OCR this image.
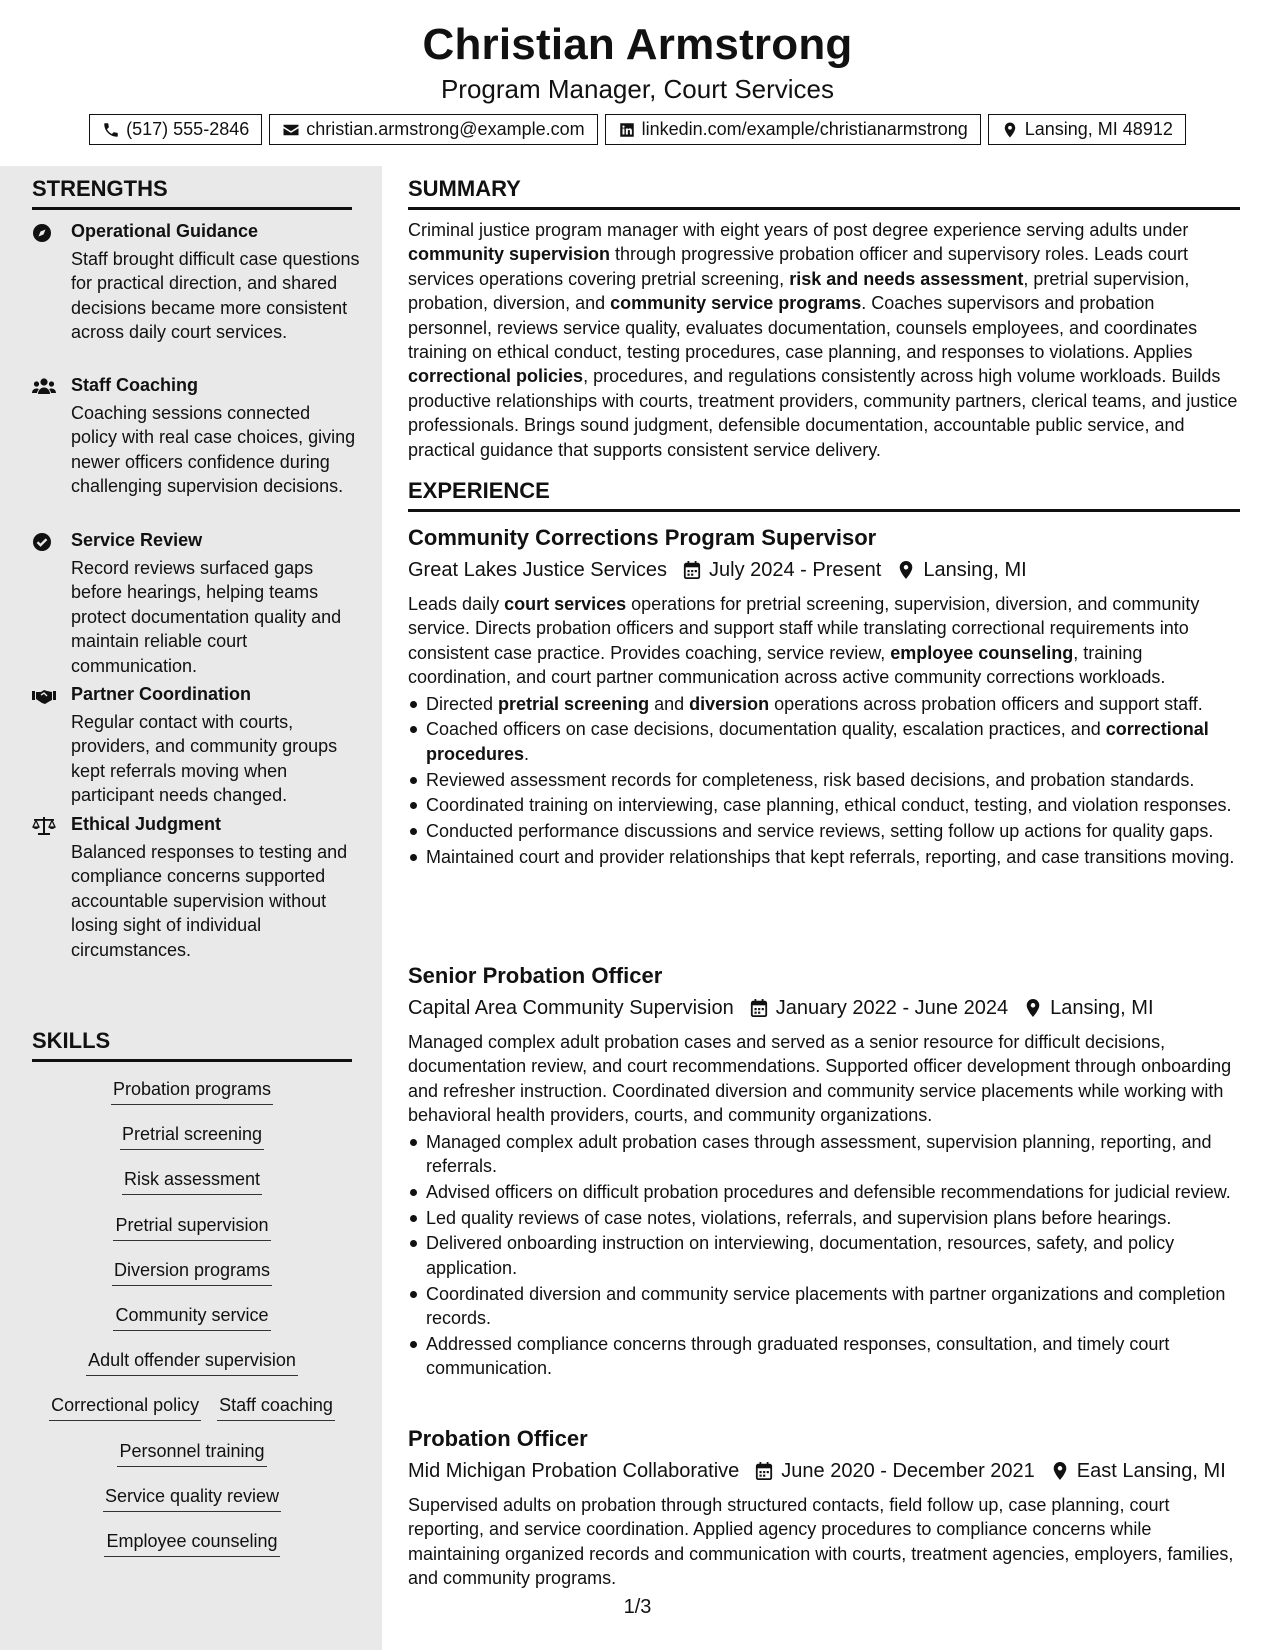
Christian Armstrong
Program Manager, Court Services
(517) 555-2846	christian.armstrong@example.com	linkedin.com/example/christianarmstrong	Lansing, MI 48912
STRENGTHS
Operational Guidance
Staff brought difficult case questions for practical direction, and shared decisions became more consistent across daily court services.
Staff Coaching
Coaching sessions connected policy with real case choices, giving newer officers confidence during challenging supervision decisions.
Service Review
Record reviews surfaced gaps before hearings, helping teams protect documentation quality and maintain reliable court communication.
Partner Coordination
Regular contact with courts, providers, and community groups kept referrals moving when participant needs changed.
Ethical Judgment
Balanced responses to testing and compliance concerns supported accountable supervision without losing sight of individual circumstances.
SKILLS
Probation programs
Pretrial screening
Risk assessment
Pretrial supervision
Diversion programs
Community service
Adult offender supervision
Correctional policy Staff coaching
Personnel training
Service quality review
Employee counseling
SUMMARY
Criminal justice program manager with eight years of post degree experience serving adults under community supervision through progressive probation officer and supervisory roles. Leads court services operations covering pretrial screening, risk and needs assessment, pretrial supervision, probation, diversion, and community service programs. Coaches supervisors and probation personnel, reviews service quality, evaluates documentation, counsels employees, and coordinates training on ethical conduct, testing procedures, case planning, and responses to violations. Applies correctional policies, procedures, and regulations consistently across high volume workloads. Builds productive relationships with courts, treatment providers, community partners, clerical teams, and justice professionals. Brings sound judgment, defensible documentation, accountable public service, and practical guidance that supports consistent service delivery.
EXPERIENCE
Community Corrections Program Supervisor
Great Lakes Justice Services July 2024 - Present Lansing, MI
Leads daily court services operations for pretrial screening, supervision, diversion, and community service. Directs probation officers and support staff while translating correctional requirements into consistent case practice. Provides coaching, service review, employee counseling, training coordination, and court partner communication across active community corrections workloads.
Directed pretrial screening and diversion operations across probation officers and support staff.
Coached officers on case decisions, documentation quality, escalation practices, and correctional procedures.
Reviewed assessment records for completeness, risk based decisions, and probation standards.
Coordinated training on interviewing, case planning, ethical conduct, testing, and violation responses.
Conducted performance discussions and service reviews, setting follow up actions for quality gaps.
Maintained court and provider relationships that kept referrals, reporting, and case transitions moving.
Senior Probation Officer
Capital Area Community Supervision January 2022 - June 2024 Lansing, MI
Managed complex adult probation cases and served as a senior resource for difficult decisions, documentation review, and court recommendations. Supported officer development through onboarding and refresher instruction. Coordinated diversion and community service placements while working with behavioral health providers, courts, and community organizations.
Managed complex adult probation cases through assessment, supervision planning, reporting, and referrals.
Advised officers on difficult probation procedures and defensible recommendations for judicial review.
Led quality reviews of case notes, violations, referrals, and supervision plans before hearings.
Delivered onboarding instruction on interviewing, documentation, resources, safety, and policy application.
Coordinated diversion and community service placements with partner organizations and completion records.
Addressed compliance concerns through graduated responses, consultation, and timely court communication.
Probation Officer
Mid Michigan Probation Collaborative June 2020 - December 2021 East Lansing, MI
Supervised adults on probation through structured contacts, field follow up, case planning, court reporting, and service coordination. Applied agency procedures to compliance concerns while maintaining organized records and communication with courts, treatment agencies, employers, families, and community programs.
1/3
